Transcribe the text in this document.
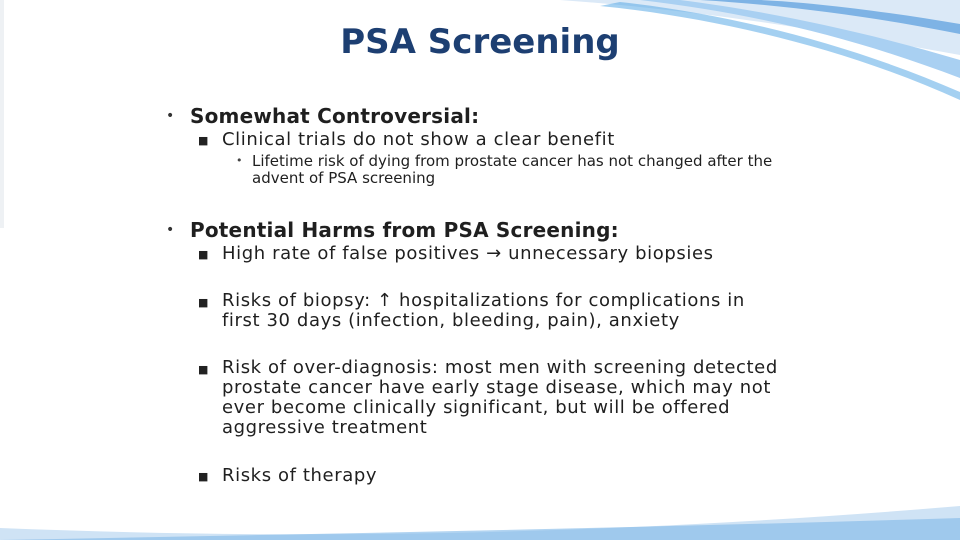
PSA Screening
• Somewhat Controversial:
■ Clinical trials do not show a clear benefit
• Lifetime risk of dying from prostate cancer has not changed after the advent of PSA screening
• Potential Harms from PSA Screening:
■ High rate of false positives → unnecessary biopsies
■ Risks of biopsy: ↑ hospitalizations for complications in first 30 days (infection, bleeding, pain), anxiety
■ Risk of over-diagnosis: most men with screening detected prostate cancer have early stage disease, which may not ever become clinically significant, but will be offered aggressive treatment
■ Risks of therapy
